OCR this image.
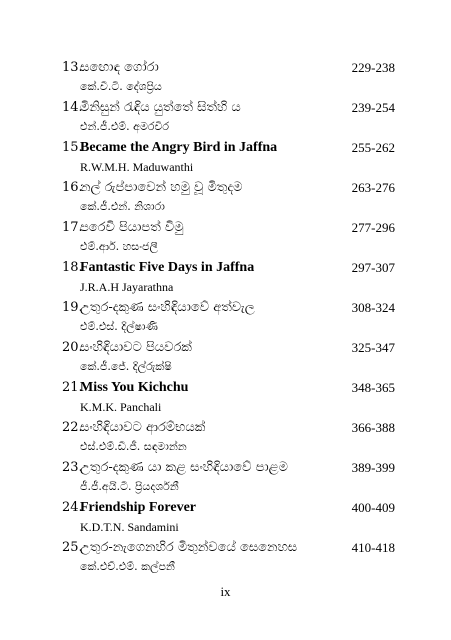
13.
සඟොඳ ගෝරා	229-238
කේ.වී.ටී. දේශප්‍රිය
14.
මිනිසුන් රැඳිය යුත්තේ සිත්හි ය	239-254
එන්.ජී.එම්. අමරවීර
15.
Became the Angry Bird in Jaffna	255-262
R.W.M.H. Maduwanthi
16.
නල් රුප්පාවෙන් හමු වූ මිතුදම	263-276
කේ.ජී.එන්. නිශාරා
17.
පරෙවි පියාපත් විමු	277-296
එම්.ආර්. හසංජලී
18.
Fantastic Five Days in Jaffna	297-307
J.R.A.H Jayarathna
19.
උතුර-දකුණ සංහිඳියාවේ අත්වැල	308-324
එම්.එස්. දිල්ෂාණි
20.
සංහිඳියාවට පියවරක්	325-347
කේ.ජී.ජේ. දිල්රුක්ෂි
21.
Miss You Kichchu	348-365
K.M.K. Panchali
22.
සංහිඳියාවට ආරම්භයක්	366-388
එස්.එම්.ඩී.ජී. සඳමාන්න
23.
උතුර-දකුණ යා කළ සංහිඳියාවේ පාළම	389-399
ජී.ජී.අයි.ටී. ප්‍රියදර්ශනී
24.
Friendship Forever	400-409
K.D.T.N. Sandamini
25.
උතුර-නැගෙනහිර මිතුන්වයේ සෙනෙහස	410-418
කේ.එච්.එම්. කල්පනී
ix
